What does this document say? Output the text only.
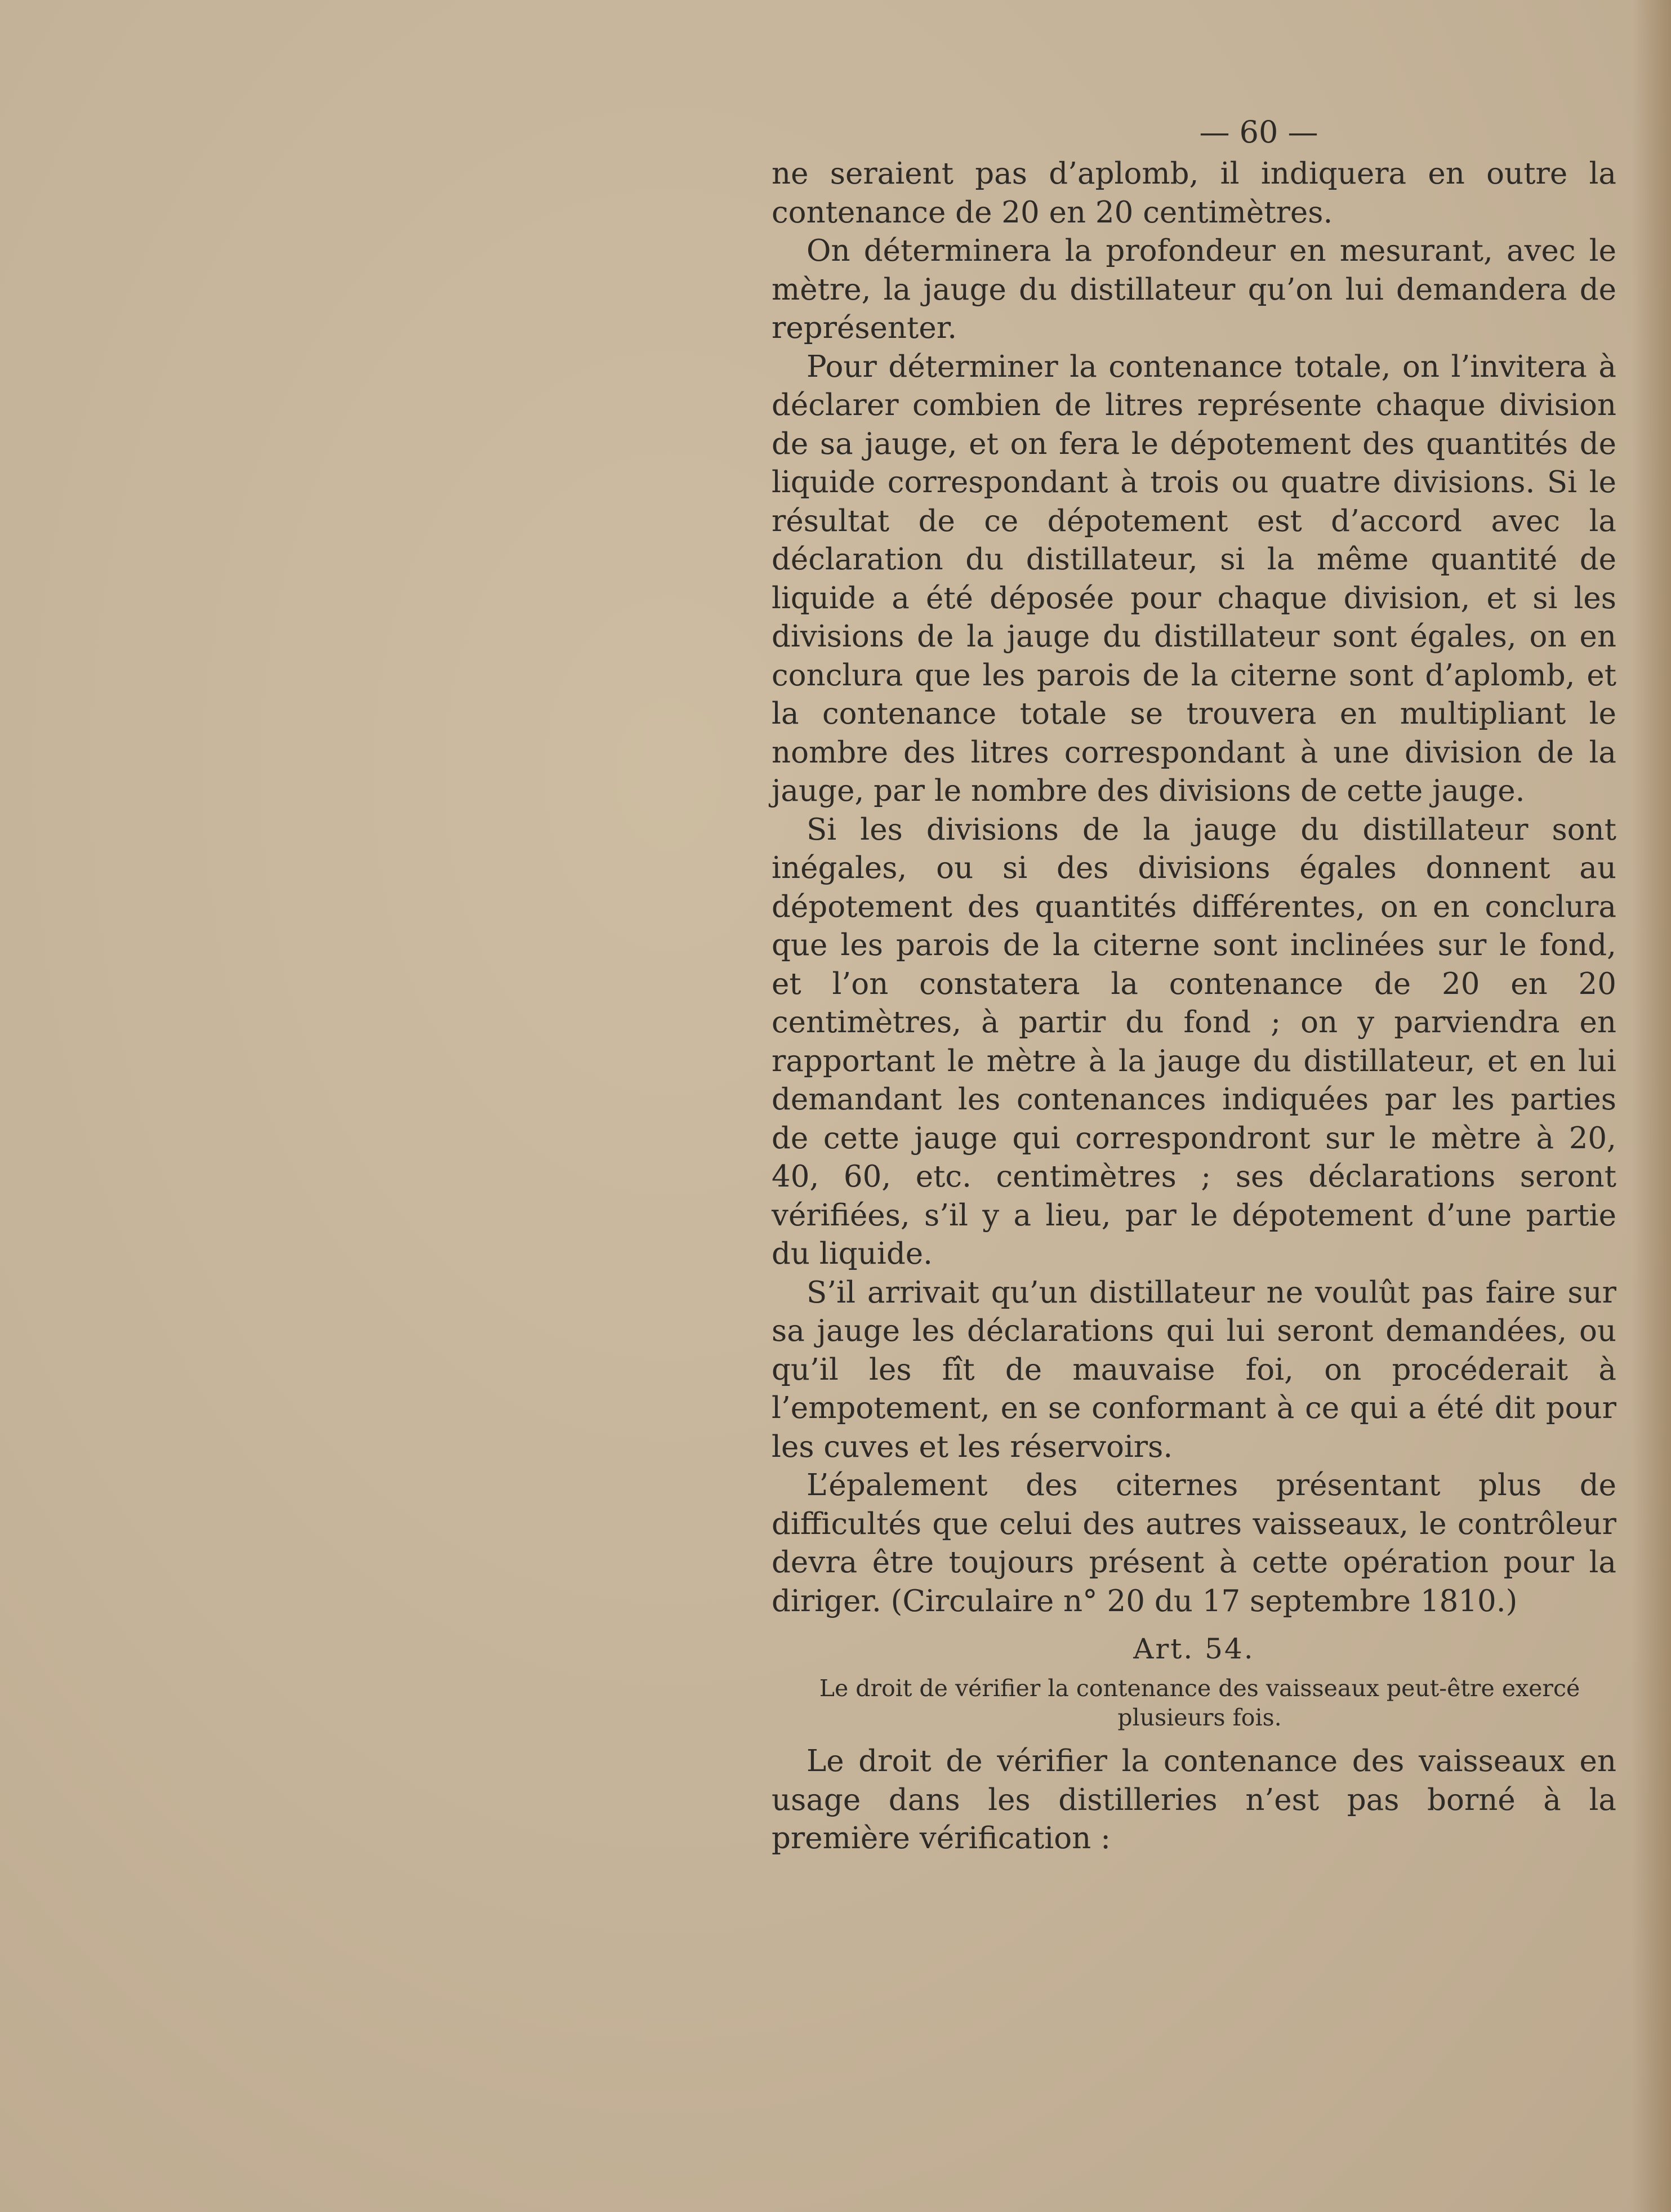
— 60 —

ne seraient pas d’aplomb, il indiquera en outre la contenance de 20 en 20 centimètres.

On déterminera la profondeur en mesurant, avec le mètre, la jauge du distillateur qu’on lui demandera de représenter.

Pour déterminer la contenance totale, on l’invitera à déclarer combien de litres représente chaque division de sa jauge, et on fera le dépotement des quantités de liquide correspondant à trois ou quatre divisions. Si le résultat de ce dépotement est d’accord avec la déclaration du distillateur, si la même quantité de liquide a été déposée pour chaque division, et si les divisions de la jauge du distillateur sont égales, on en conclura que les parois de la citerne sont d’aplomb, et la contenance totale se trouvera en multipliant le nombre des litres correspondant à une division de la jauge, par le nombre des divisions de cette jauge.

Si les divisions de la jauge du distillateur sont inégales, ou si des divisions égales donnent au dépotement des quantités différentes, on en conclura que les parois de la citerne sont inclinées sur le fond, et l’on constatera la contenance de 20 en 20 centimètres, à partir du fond ; on y parviendra en rapportant le mètre à la jauge du distillateur, et en lui demandant les contenances indiquées par les parties de cette jauge qui correspondront sur le mètre à 20, 40, 60, etc. centimètres ; ses déclarations seront vérifiées, s’il y a lieu, par le dépotement d’une partie du liquide.

S’il arrivait qu’un distillateur ne voulût pas faire sur sa jauge les déclarations qui lui seront demandées, ou qu’il les fît de mauvaise foi, on procéderait à l’empotement, en se conformant à ce qui a été dit pour les cuves et les réservoirs.

L’épalement des citernes présentant plus de difficultés que celui des autres vaisseaux, le contrôleur devra être toujours présent à cette opération pour la diriger. (Circulaire n° 20 du 17 septembre 1810.)

Art. 54.
Le droit de vérifier la contenance des vaisseaux peut-être exercé plusieurs fois.

Le droit de vérifier la contenance des vaisseaux en usage dans les distilleries n’est pas borné à la première vérification :
